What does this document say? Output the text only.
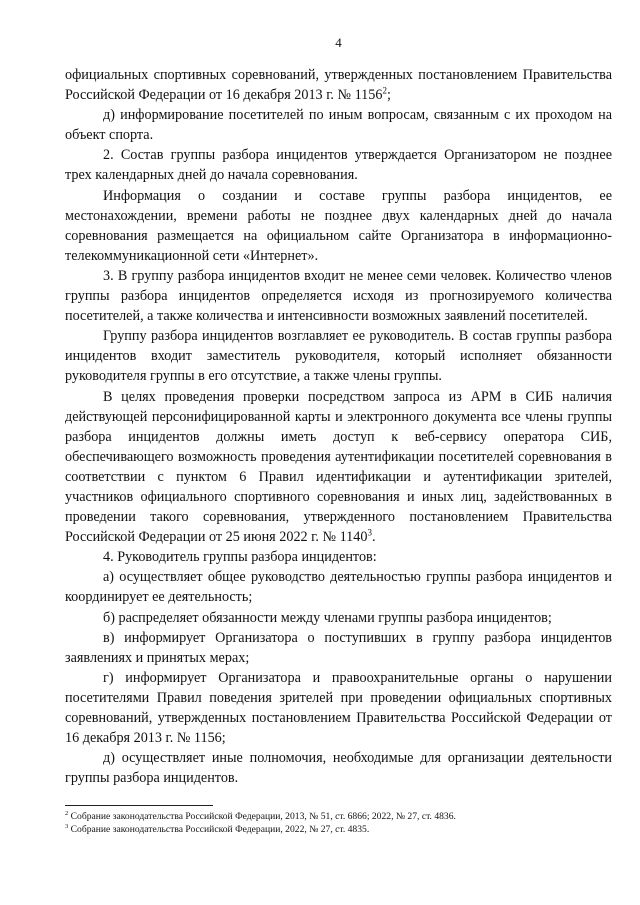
4

официальных спортивных соревнований, утвержденных постановлением Правительства Российской Федерации от 16 декабря 2013 г. № 1156$^2$;

д) информирование посетителей по иным вопросам, связанным с их проходом на объект спорта.

2. Состав группы разбора инцидентов утверждается Организатором не позднее трех календарных дней до начала соревнования.

Информация о создании и составе группы разбора инцидентов, ее местонахождении, времени работы не позднее двух календарных дней до начала соревнования размещается на официальном сайте Организатора в информационно-телекоммуникационной сети «Интернет».

3. В группу разбора инцидентов входит не менее семи человек. Количество членов группы разбора инцидентов определяется исходя из прогнозируемого количества посетителей, а также количества и интенсивности возможных заявлений посетителей.

Группу разбора инцидентов возглавляет ее руководитель. В состав группы разбора инцидентов входит заместитель руководителя, который исполняет обязанности руководителя группы в его отсутствие, а также члены группы.

В целях проведения проверки посредством запроса из АРМ в СИБ наличия действующей персонифицированной карты и электронного документа все члены группы разбора инцидентов должны иметь доступ к веб-сервису оператора СИБ, обеспечивающего возможность проведения аутентификации посетителей соревнования в соответствии с пунктом 6 Правил идентификации и аутентификации зрителей, участников официального спортивного соревнования и иных лиц, задействованных в проведении такого соревнования, утвержденного постановлением Правительства Российской Федерации от 25 июня 2022 г. № 1140$^3$.

4. Руководитель группы разбора инцидентов:

а) осуществляет общее руководство деятельностью группы разбора инцидентов и координирует ее деятельность;

б) распределяет обязанности между членами группы разбора инцидентов;

в) информирует Организатора о поступивших в группу разбора инцидентов заявлениях и принятых мерах;

г) информирует Организатора и правоохранительные органы о нарушении посетителями Правил поведения зрителей при проведении официальных спортивных соревнований, утвержденных постановлением Правительства Российской Федерации от 16 декабря 2013 г. № 1156;

д) осуществляет иные полномочия, необходимые для организации деятельности группы разбора инцидентов.

$^2$ Собрание законодательства Российской Федерации, 2013, № 51, ст. 6866; 2022, № 27, ст. 4836.

$^3$ Собрание законодательства Российской Федерации, 2022, № 27, ст. 4835.
